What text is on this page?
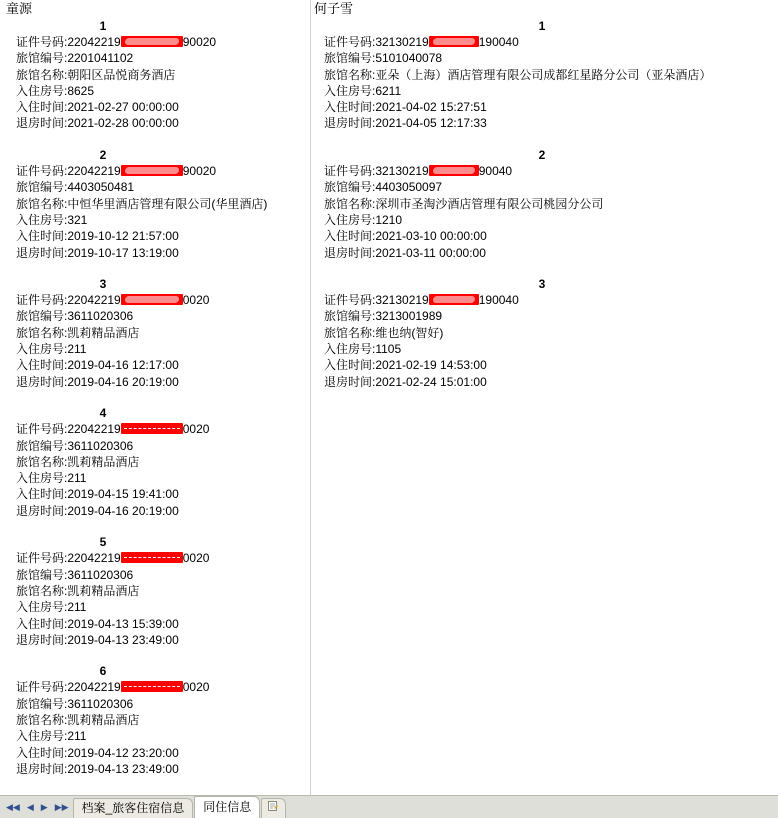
童源
1
证件号码:22042219	90020
旅馆编号:2201041102
旅馆名称:朝阳区品悦商务酒店
入住房号:8625
入住时间:2021-02-27 00:00:00
退房时间:2021-02-28 00:00:00
2
证件号码:22042219	90020
旅馆编号:4403050481
旅馆名称:中恒华里酒店管理有限公司(华里酒店)
入住房号:321
入住时间:2019-10-12 21:57:00
退房时间:2019-10-17 13:19:00
3
证件号码:22042219	0020
旅馆编号:3611020306
旅馆名称:凯莉精品酒店
入住房号:211
入住时间:2019-04-16 12:17:00
退房时间:2019-04-16 20:19:00
4
证件号码:22042219	0020
旅馆编号:3611020306
旅馆名称:凯莉精品酒店
入住房号:211
入住时间:2019-04-15 19:41:00
退房时间:2019-04-16 20:19:00
5
证件号码:22042219	0020
旅馆编号:3611020306
旅馆名称:凯莉精品酒店
入住房号:211
入住时间:2019-04-13 15:39:00
退房时间:2019-04-13 23:49:00
6
证件号码:22042219	0020
旅馆编号:3611020306
旅馆名称:凯莉精品酒店
入住房号:211
入住时间:2019-04-12 23:20:00
退房时间:2019-04-13 23:49:00
何子雪
1
证件号码:32130219	190040
旅馆编号:5101040078
旅馆名称:亚朵（上海）酒店管理有限公司成都红星路分公司（亚朵酒店）
入住房号:6211
入住时间:2021-04-02 15:27:51
退房时间:2021-04-05 12:17:33
2
证件号码:32130219	90040
旅馆编号:4403050097
旅馆名称:深圳市圣淘沙酒店管理有限公司桃园分公司
入住房号:1210
入住时间:2021-03-10 00:00:00
退房时间:2021-03-11 00:00:00
3
证件号码:32130219	190040
旅馆编号:3213001989
旅馆名称:维也纳(智好)
入住房号:1105
入住时间:2021-02-19 14:53:00
退房时间:2021-02-24 15:01:00
◀◀ ◀ ▶ ▶▶	档案_旅客住宿信息	同住信息
